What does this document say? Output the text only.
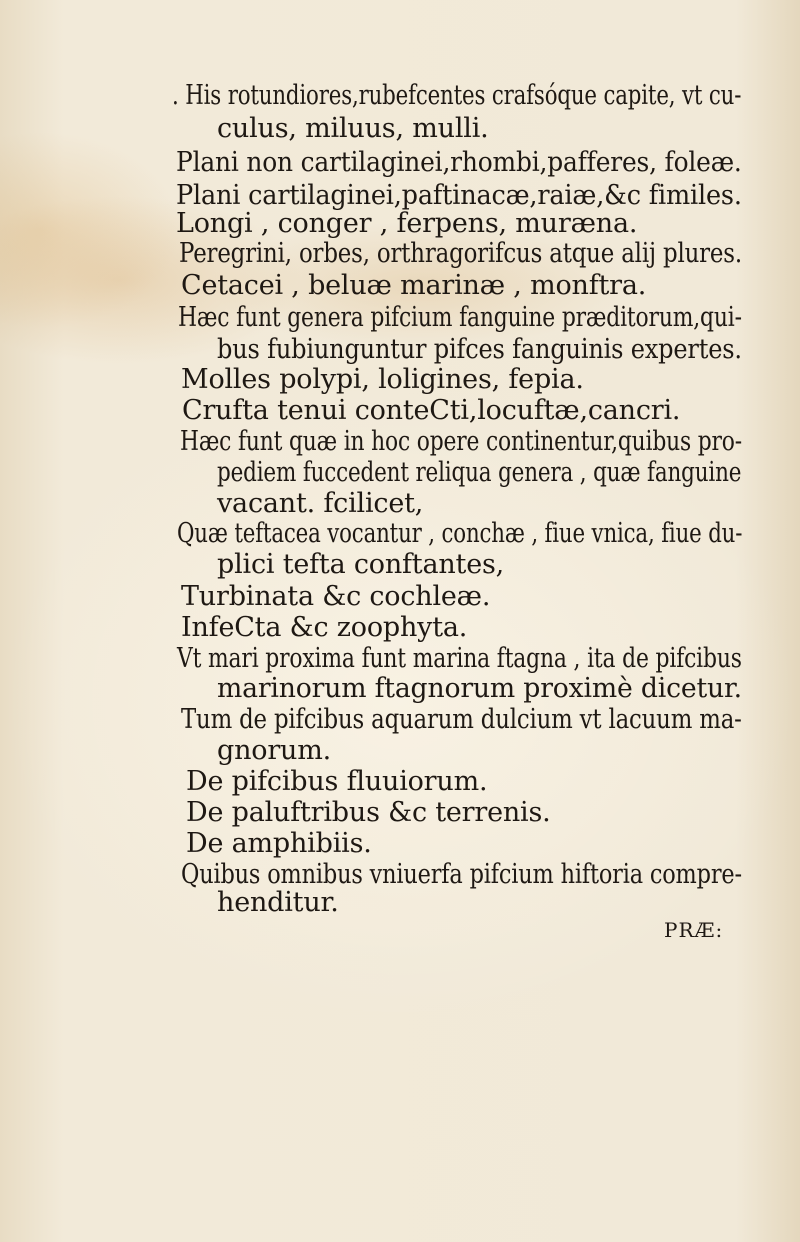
. His rotundiores,rubefcentes crafsóque capite, vt cu-
culus, miluus, mulli.
Plani non cartilaginei,rhombi,pafferes, foleæ.
Plani cartilaginei,paftinacæ,raiæ,&c fimiles.
Longi , conger , ferpens, muræna.
Peregrini, orbes, orthragorifcus atque alij plures.
Cetacei , beluæ marinæ , monftra.
Hæc funt genera pifcium fanguine præditorum,qui-
bus fubiunguntur pifces fanguinis expertes.
Molles polypi, loligines, fepia.
Crufta tenui conteCti,locuftæ,cancri.
Hæc funt quæ in hoc opere continentur,quibus pro-
pediem fuccedent reliqua genera , quæ fanguine
vacant. fcilicet,
Quæ teftacea vocantur , conchæ , fiue vnica, fiue du-
plici tefta conftantes,
Turbinata &c cochleæ.
InfeCta &c zoophyta.
Vt mari proxima funt marina ftagna , ita de pifcibus
marinorum ftagnorum proximè dicetur.
Tum de pifcibus aquarum dulcium vt lacuum ma-
gnorum.
De pifcibus fluuiorum.
De paluftribus &c terrenis.
De amphibiis.
Quibus omnibus vniuerfa pifcium hiftoria compre-
henditur.
PRÆ:
